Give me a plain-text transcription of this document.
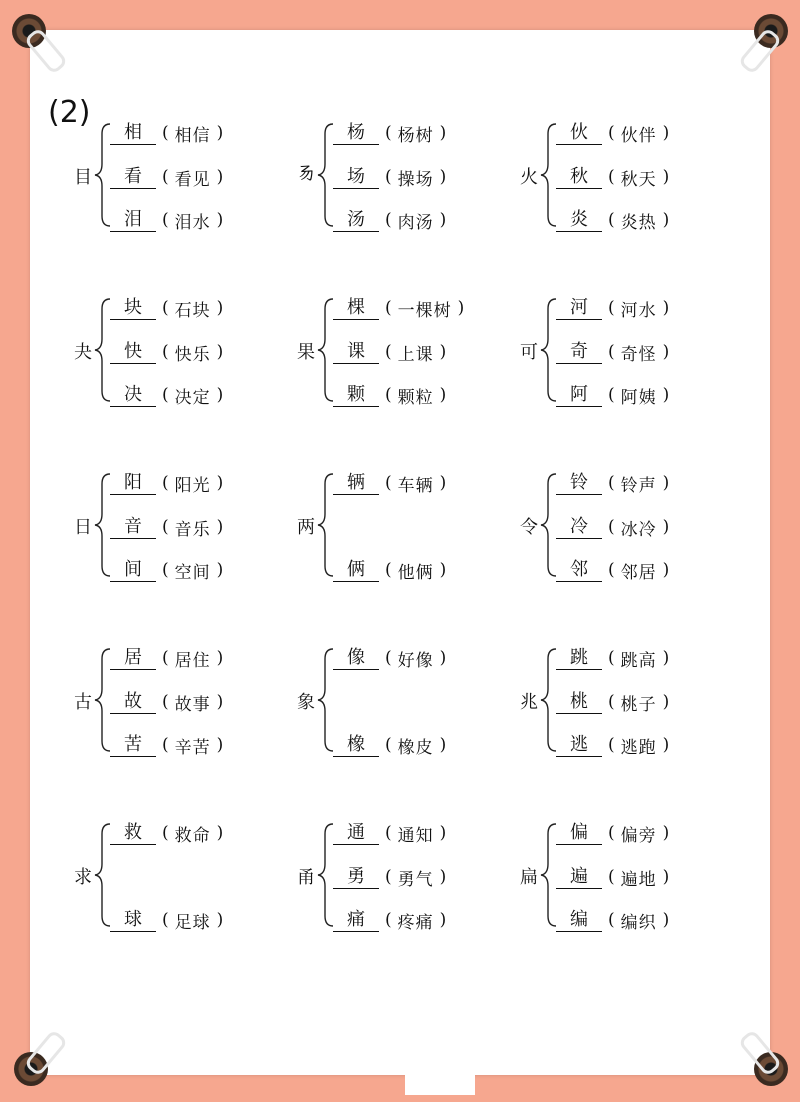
(2)
目
相	( 相信 )
看	( 看见 )
泪	( 泪水 )
𠃓
杨	( 杨树 )
场	( 操场 )
汤	( 肉汤 )
火
伙	( 伙伴 )
秋	( 秋天 )
炎	( 炎热 )
夬
块	( 石块 )
快	( 快乐 )
决	( 决定 )
果
棵	( 一棵树 )
课	( 上课 )
颗	( 颗粒 )
可
河	( 河水 )
奇	( 奇怪 )
阿	( 阿姨 )
日
阳	( 阳光 )
音	( 音乐 )
间	( 空间 )
两
辆	( 车辆 )
俩	( 他俩 )
令
铃	( 铃声 )
冷	( 冰冷 )
邻	( 邻居 )
古
居	( 居住 )
故	( 故事 )
苦	( 辛苦 )
象
像	( 好像 )
橡	( 橡皮 )
兆
跳	( 跳高 )
桃	( 桃子 )
逃	( 逃跑 )
求
救	( 救命 )
球	( 足球 )
甬
通	( 通知 )
勇	( 勇气 )
痛	( 疼痛 )
扁
偏	( 偏旁 )
遍	( 遍地 )
编	( 编织 )
